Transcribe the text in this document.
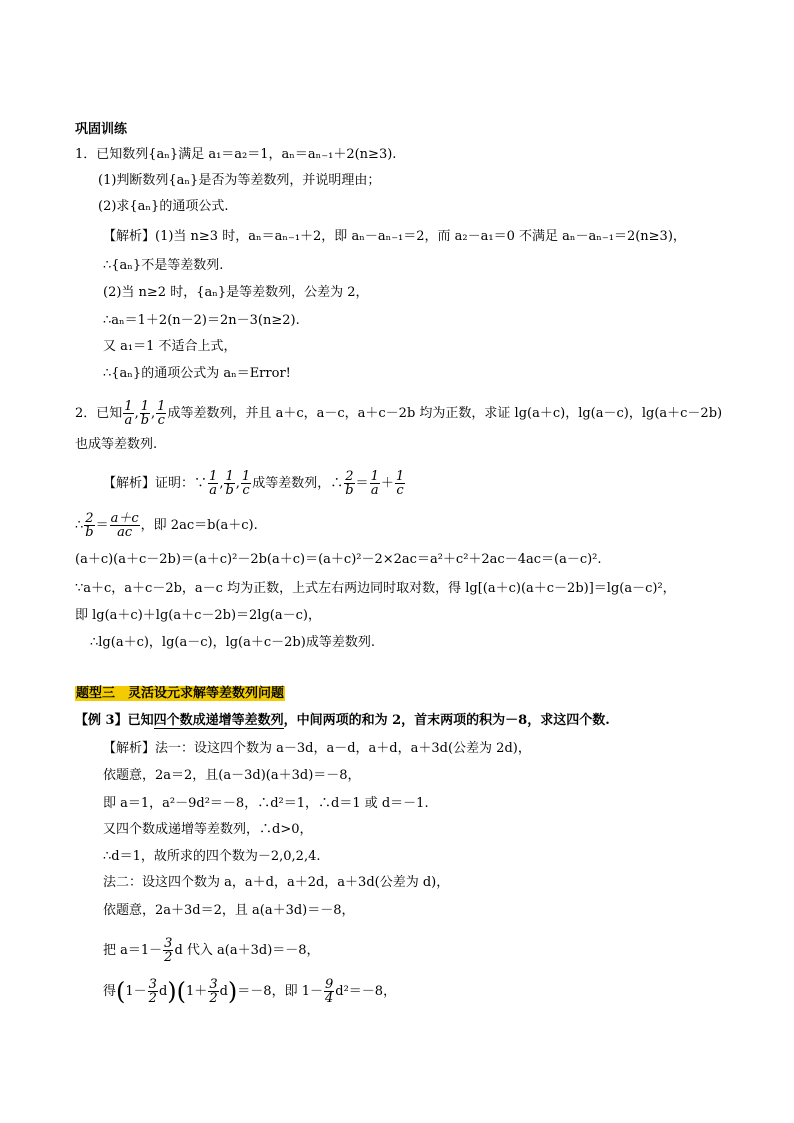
巩固训练
1．已知数列{aₙ}满足 a₁＝a₂＝1，aₙ＝aₙ₋₁＋2(n≥3).
(1)判断数列{aₙ}是否为等差数列，并说明理由；
(2)求{aₙ}的通项公式.
【解析】(1)当 n≥3 时，aₙ＝aₙ₋₁＋2，即 aₙ－aₙ₋₁＝2，而 a₂－a₁＝0 不满足 aₙ－aₙ₋₁＝2(n≥3)，
∴{aₙ}不是等差数列.
(2)当 n≥2 时，{aₙ}是等差数列，公差为 2，
∴aₙ＝1＋2(n－2)＝2n－3(n≥2).
又 a₁＝1 不适合上式，
∴{aₙ}的通项公式为 aₙ＝Error!
2．已知 $\frac{1}{a}$ , $\frac{1}{b}$ , $\frac{1}{c}$ 成等差数列，并且 a＋c，a－c，a＋c－2b 均为正数，求证 lg(a＋c)，lg(a－c)，lg(a＋c－2b)
也成等差数列.
【解析】证明：∵ $\frac{1}{a}$ , $\frac{1}{b}$ , $\frac{1}{c}$ 成等差数列，∴ $\frac{2}{b} = \frac{1}{a} + \frac{1}{c}$
∴ $\frac{2}{b} = \frac{a+c}{ac}$ ，即 2ac＝b(a＋c).
(a＋c)(a＋c－2b)＝(a＋c)²－2b(a＋c)＝(a＋c)²－2×2ac＝a²＋c²＋2ac－4ac＝(a－c)².
∵a＋c，a＋c－2b，a－c 均为正数，上式左右两边同时取对数，得 lg[(a＋c)(a＋c－2b)]＝lg(a－c)²，
即 lg(a＋c)＋lg(a＋c－2b)＝2lg(a－c)，
∴lg(a＋c)，lg(a－c)，lg(a＋c－2b)成等差数列.
题型三　灵活设元求解等差数列问题
【例 3】已知四个数成递增等差数列，中间两项的和为 2，首末两项的积为－8，求这四个数.
【解析】法一：设这四个数为 a－3d，a－d，a＋d，a＋3d(公差为 2d)，
依题意，2a＝2，且(a－3d)(a＋3d)＝－8，
即 a＝1，a²－9d²＝－8，∴d²＝1，∴d＝1 或 d＝－1.
又四个数成递增等差数列，∴d>0，
∴d＝1，故所求的四个数为－2,0,2,4.
法二：设这四个数为 a，a＋d，a＋2d，a＋3d(公差为 d)，
依题意，2a＋3d＝2，且 a(a＋3d)＝－8，
把 $a=1- \frac{3}{2}$ d 代入 a(a＋3d)＝－8，
得$(1- \frac{3}{2} d)(1+ \frac{3}{2} d)=-8$，即 $1- \frac{9}{4} d^2=-8$，
